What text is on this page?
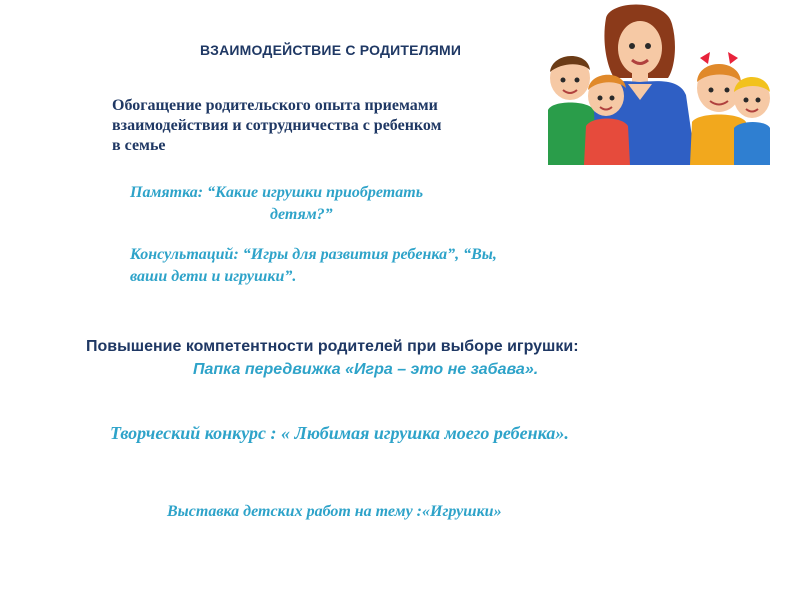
ВЗАИМОДЕЙСТВИЕ С РОДИТЕЛЯМИ
Обогащение родительского опыта приемами взаимодействия и сотрудничества с ребенком в семье
Памятка: “Какие игрушки приобретать
детям?”
Консультаций: “Игры для развития ребенка”, “Вы, ваши дети и игрушки”.
Повышение компетентности родителей при выборе игрушки:
Папка передвижка «Игра – это не забава».
Творческий конкурс : « Любимая игрушка моего ребенка».
Выставка детских работ на тему :«Игрушки»
